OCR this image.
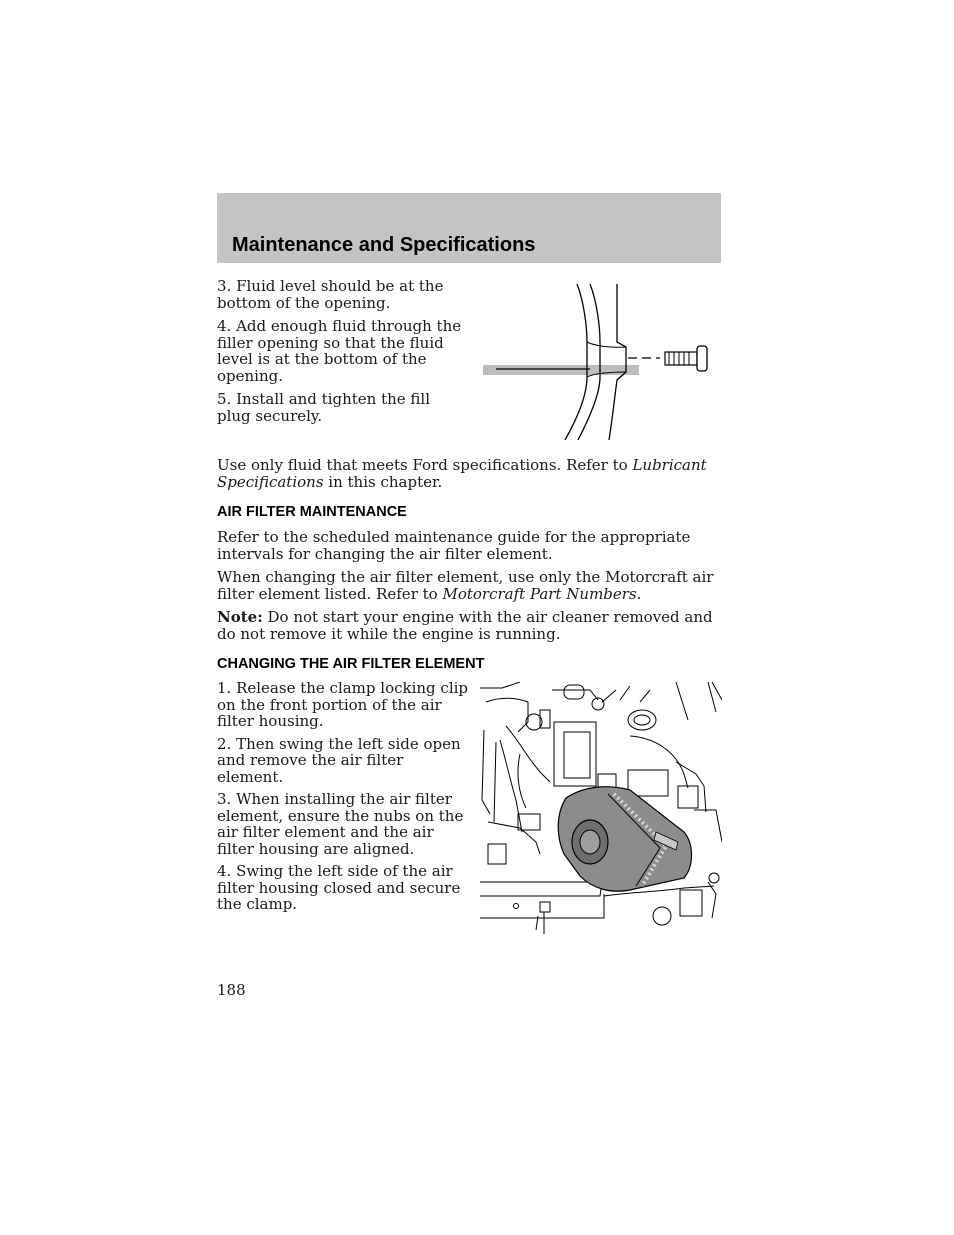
Maintenance and Specifications

3. Fluid level should be at the bottom of the opening.

4. Add enough fluid through the filler opening so that the fluid level is at the bottom of the opening.

5. Install and tighten the fill plug securely.

Use only fluid that meets Ford specifications. Refer to Lubricant Specifications in this chapter.

AIR FILTER MAINTENANCE

Refer to the scheduled maintenance guide for the appropriate intervals for changing the air filter element.

When changing the air filter element, use only the Motorcraft air filter element listed. Refer to Motorcraft Part Numbers.

Note: Do not start your engine with the air cleaner removed and do not remove it while the engine is running.

CHANGING THE AIR FILTER ELEMENT

1. Release the clamp locking clip on the front portion of the air filter housing.

2. Then swing the left side open and remove the air filter element.

3. When installing the air filter element, ensure the nubs on the air filter element and the air filter housing are aligned.

4. Swing the left side of the air filter housing closed and secure the clamp.

188
